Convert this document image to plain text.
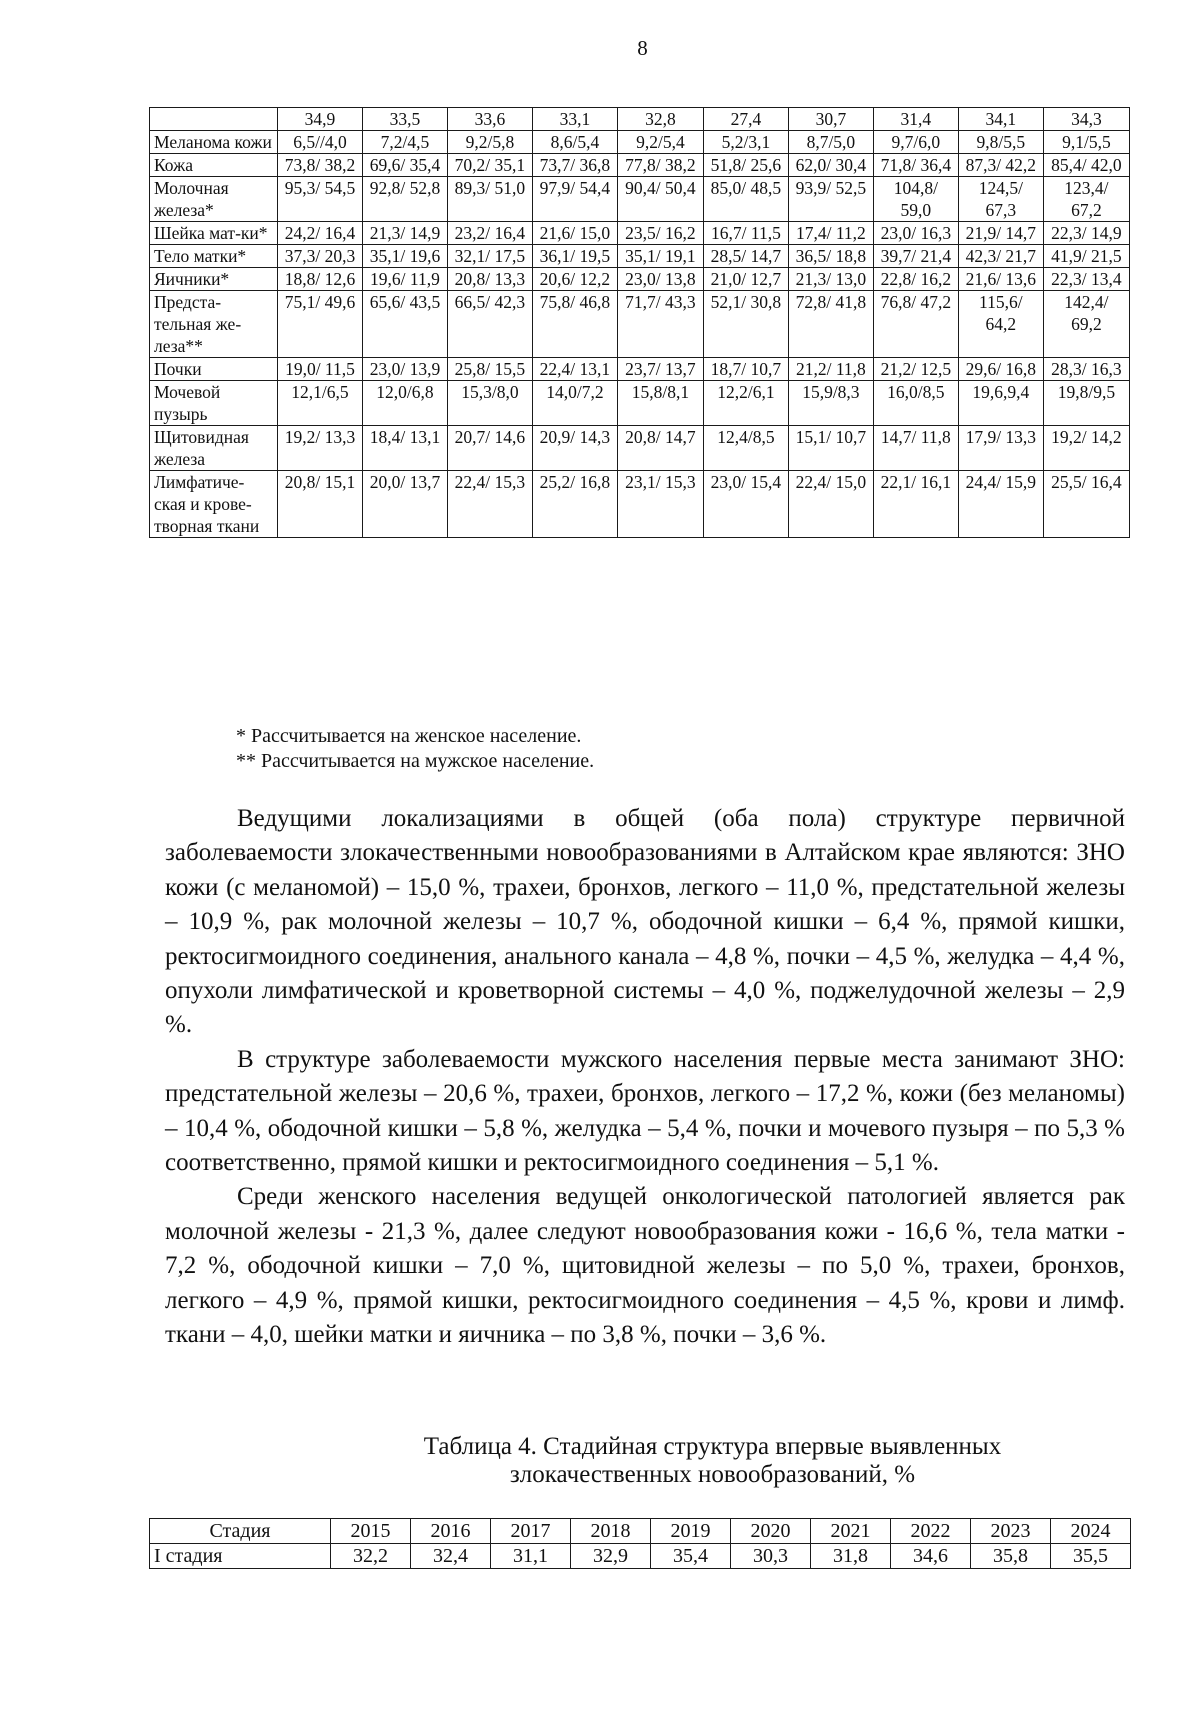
8
	34,9	33,5	33,6	33,1	32,8	27,4	30,7	31,4	34,1	34,3
Меланома кожи	6,5//4,0	7,2/4,5	9,2/5,8	8,6/5,4	9,2/5,4	5,2/3,1	8,7/5,0	9,7/6,0	9,8/5,5	9,1/5,5
Кожа	73,8/ 38,2	69,6/ 35,4	70,2/ 35,1	73,7/ 36,8	77,8/ 38,2	51,8/ 25,6	62,0/ 30,4	71,8/ 36,4	87,3/ 42,2	85,4/ 42,0
Молочная железа*	95,3/ 54,5	92,8/ 52,8	89,3/ 51,0	97,9/ 54,4	90,4/ 50,4	85,0/ 48,5	93,9/ 52,5	104,8/ 59,0	124,5/ 67,3	123,4/ 67,2
Шейка мат-ки*	24,2/ 16,4	21,3/ 14,9	23,2/ 16,4	21,6/ 15,0	23,5/ 16,2	16,7/ 11,5	17,4/ 11,2	23,0/ 16,3	21,9/ 14,7	22,3/ 14,9
Тело матки*	37,3/ 20,3	35,1/ 19,6	32,1/ 17,5	36,1/ 19,5	35,1/ 19,1	28,5/ 14,7	36,5/ 18,8	39,7/ 21,4	42,3/ 21,7	41,9/ 21,5
Яичники*	18,8/ 12,6	19,6/ 11,9	20,8/ 13,3	20,6/ 12,2	23,0/ 13,8	21,0/ 12,7	21,3/ 13,0	22,8/ 16,2	21,6/ 13,6	22,3/ 13,4
Предста-тельная же-леза**	75,1/ 49,6	65,6/ 43,5	66,5/ 42,3	75,8/ 46,8	71,7/ 43,3	52,1/ 30,8	72,8/ 41,8	76,8/ 47,2	115,6/ 64,2	142,4/ 69,2
Почки	19,0/ 11,5	23,0/ 13,9	25,8/ 15,5	22,4/ 13,1	23,7/ 13,7	18,7/ 10,7	21,2/ 11,8	21,2/ 12,5	29,6/ 16,8	28,3/ 16,3
Мочевой пузырь	12,1/6,5	12,0/6,8	15,3/8,0	14,0/7,2	15,8/8,1	12,2/6,1	15,9/8,3	16,0/8,5	19,6,9,4	19,8/9,5
Щитовидная железа	19,2/ 13,3	18,4/ 13,1	20,7/ 14,6	20,9/ 14,3	20,8/ 14,7	12,4/8,5	15,1/ 10,7	14,7/ 11,8	17,9/ 13,3	19,2/ 14,2
Лимфатиче-ская и крове-творная ткани	20,8/ 15,1	20,0/ 13,7	22,4/ 15,3	25,2/ 16,8	23,1/ 15,3	23,0/ 15,4	22,4/ 15,0	22,1/ 16,1	24,4/ 15,9	25,5/ 16,4
* Рассчитывается на женское население.
** Рассчитывается на мужское население.

Ведущими локализациями в общей (оба пола) структуре первичной заболеваемости злокачественными новообразованиями в Алтайском крае являются: ЗНО кожи (с меланомой) – 15,0 %, трахеи, бронхов, легкого – 11,0 %, предстательной железы – 10,9 %, рак молочной железы – 10,7 %, ободочной кишки – 6,4 %, прямой кишки, ректосигмоидного соединения, анального канала – 4,8 %, почки – 4,5 %, желудка – 4,4 %, опухоли лимфатической и кроветворной системы – 4,0 %, поджелудочной железы – 2,9 %.

В структуре заболеваемости мужского населения первые места занимают ЗНО: предстательной железы – 20,6 %, трахеи, бронхов, легкого – 17,2 %, кожи (без меланомы) – 10,4 %, ободочной кишки – 5,8 %, желудка – 5,4 %, почки и мочевого пузыря – по 5,3 % соответственно, прямой кишки и ректосигмоидного соединения – 5,1 %.

Среди женского населения ведущей онкологической патологией является рак молочной железы - 21,3 %, далее следуют новообразования кожи - 16,6 %, тела матки - 7,2 %, ободочной кишки – 7,0 %, щитовидной железы – по 5,0 %, трахеи, бронхов, легкого – 4,9 %, прямой кишки, ректосигмоидного соединения – 4,5 %, крови и лимф. ткани – 4,0, шейки матки и яичника – по 3,8 %, почки – 3,6 %.

Таблица 4. Стадийная структура впервые выявленных
злокачественных новообразований, %
Стадия	2015	2016	2017	2018	2019	2020	2021	2022	2023	2024
I стадия	32,2	32,4	31,1	32,9	35,4	30,3	31,8	34,6	35,8	35,5
